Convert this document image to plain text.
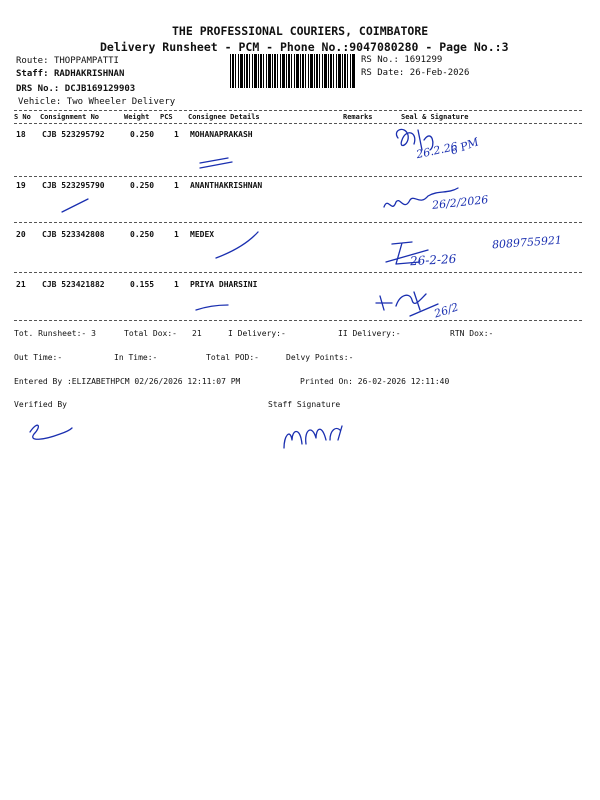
THE PROFESSIONAL COURIERS, COIMBATORE
Delivery Runsheet - PCM - Phone No.:9047080280 - Page No.:3
Route: THOPPAMPATTI
Staff: RADHAKRISHNAN
DRS No.: DCJB169129903
Vehicle: Two Wheeler Delivery
RS No.: 1691299
RS Date: 26-Feb-2026
S No Consignment No	Weight PCS Consignee Details	Remarks	Seal & Signature
18 CJB 523295792	0.250 1 MOHANAPRAKASH
19 CJB 523295790	0.250 1 ANANTHAKRISHNAN
20 CJB 523342808	0.250 1 MEDEX
21 CJB 523421882	0.155 1 PRIYA DHARSINI
26.2.26
6 PM
26/2/2026
26-2-26
8089755921
26/2
Tot. Runsheet:- 3	Total Dox:- 21	I Delivery:-	II Delivery:-	RTN Dox:-
Out Time:-	In Time:-	Total POD:-	Delvy Points:-
Entered By :ELIZABETHPCM 02/26/2026 12:11:07 PM	Printed On: 26-02-2026 12:11:40
Verified By	Staff Signature
